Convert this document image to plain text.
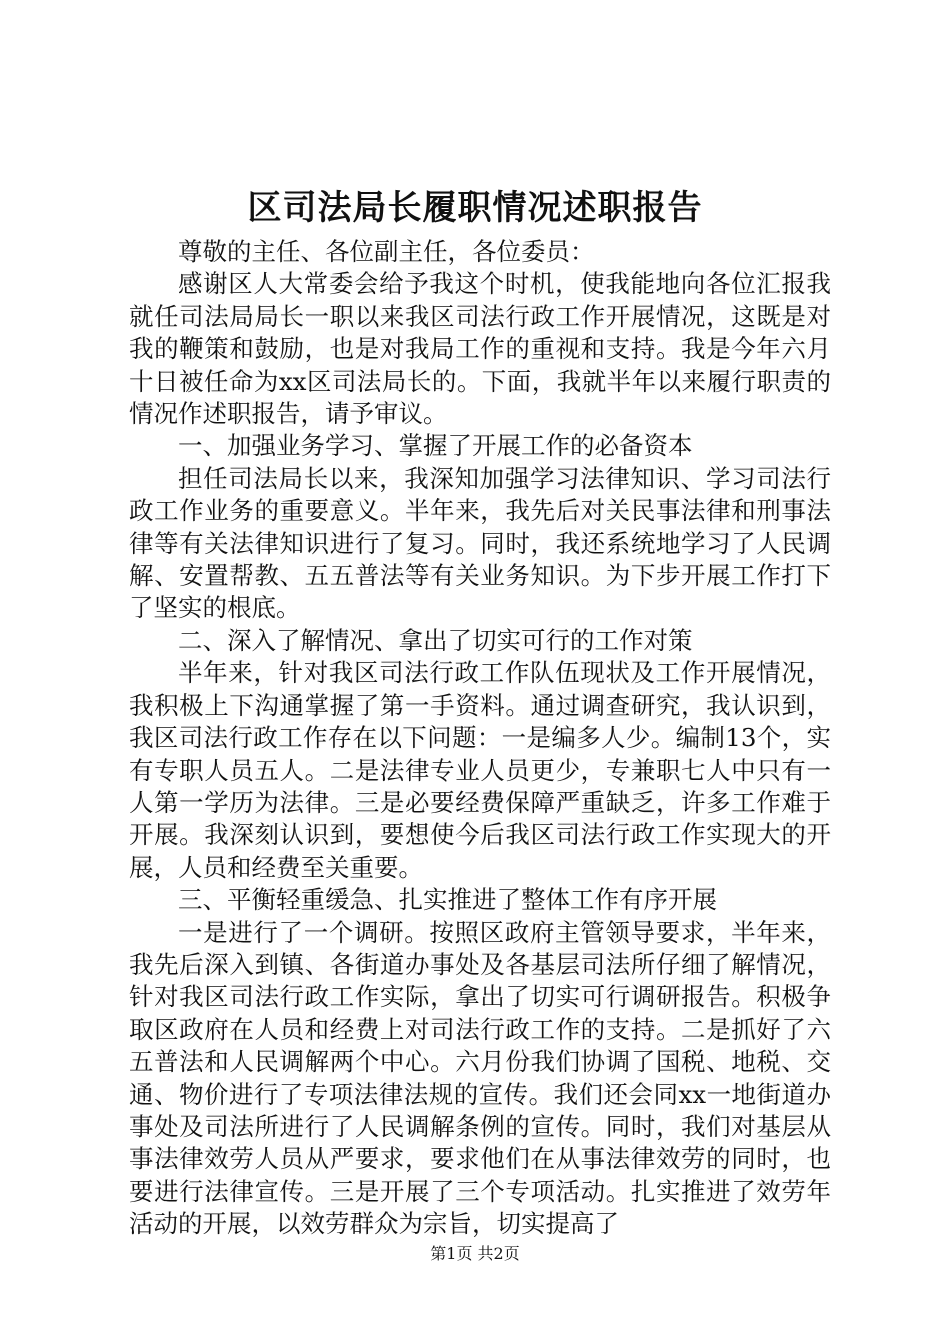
区司法局长履职情况述职报告

尊敬的主任、各位副主任，各位委员：

感谢区人大常委会给予我这个时机，使我能地向各位汇报我就任司法局局长一职以来我区司法行政工作开展情况，这既是对我的鞭策和鼓励，也是对我局工作的重视和支持。我是今年六月十日被任命为xx区司法局长的。下面，我就半年以来履行职责的情况作述职报告，请予审议。

一、加强业务学习、掌握了开展工作的必备资本

担任司法局长以来，我深知加强学习法律知识、学习司法行政工作业务的重要意义。半年来，我先后对关民事法律和刑事法律等有关法律知识进行了复习。同时，我还系统地学习了人民调解、安置帮教、五五普法等有关业务知识。为下步开展工作打下了坚实的根底。

二、深入了解情况、拿出了切实可行的工作对策

半年来，针对我区司法行政工作队伍现状及工作开展情况，我积极上下沟通掌握了第一手资料。通过调查研究，我认识到，我区司法行政工作存在以下问题：一是编多人少。编制13个，实有专职人员五人。二是法律专业人员更少，专兼职七人中只有一人第一学历为法律。三是必要经费保障严重缺乏，许多工作难于开展。我深刻认识到，要想使今后我区司法行政工作实现大的开展，人员和经费至关重要。

三、平衡轻重缓急、扎实推进了整体工作有序开展

一是进行了一个调研。按照区政府主管领导要求，半年来，我先后深入到镇、各街道办事处及各基层司法所仔细了解情况，针对我区司法行政工作实际，拿出了切实可行调研报告。积极争取区政府在人员和经费上对司法行政工作的支持。二是抓好了六五普法和人民调解两个中心。六月份我们协调了国税、地税、交通、物价进行了专项法律法规的宣传。我们还会同xx一地街道办事处及司法所进行了人民调解条例的宣传。同时，我们对基层从事法律效劳人员从严要求，要求他们在从事法律效劳的同时，也要进行法律宣传。三是开展了三个专项活动。扎实推进了效劳年活动的开展，以效劳群众为宗旨，切实提高了

第1页 共2页
